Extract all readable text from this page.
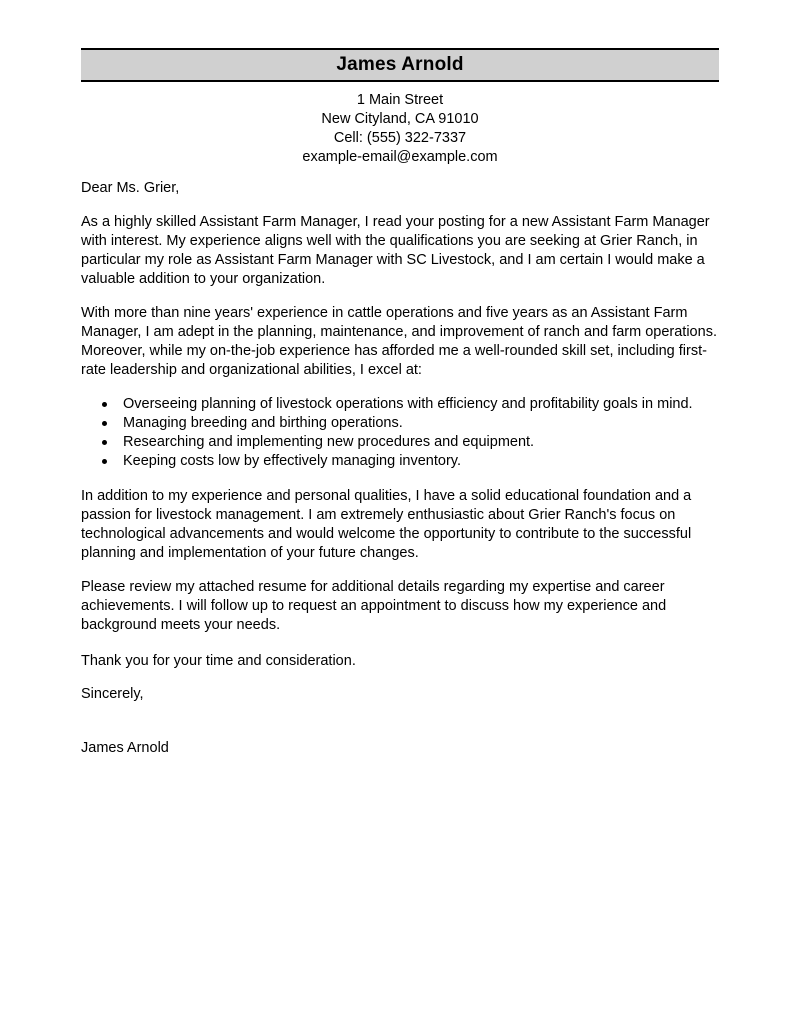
James Arnold
1 Main Street
New Cityland, CA 91010
Cell: (555) 322-7337
example-email@example.com
Dear Ms. Grier,

As a highly skilled Assistant Farm Manager, I read your posting for a new Assistant Farm Manager with interest. My experience aligns well with the qualifications you are seeking at Grier Ranch, in particular my role as Assistant Farm Manager with SC Livestock, and I am certain I would make a valuable addition to your organization.

With more than nine years' experience in cattle operations and five years as an Assistant Farm Manager, I am adept in the planning, maintenance, and improvement of ranch and farm operations. Moreover, while my on-the-job experience has afforded me a well-rounded skill set, including first-rate leadership and organizational abilities, I excel at:

Overseeing planning of livestock operations with efficiency and profitability goals in mind.
Managing breeding and birthing operations.
Researching and implementing new procedures and equipment.
Keeping costs low by effectively managing inventory.

In addition to my experience and personal qualities, I have a solid educational foundation and a passion for livestock management. I am extremely enthusiastic about Grier Ranch's focus on technological advancements and would welcome the opportunity to contribute to the successful planning and implementation of your future changes.

Please review my attached resume for additional details regarding my expertise and career achievements. I will follow up to request an appointment to discuss how my experience and background meets your needs.

Thank you for your time and consideration.

Sincerely,
James Arnold
